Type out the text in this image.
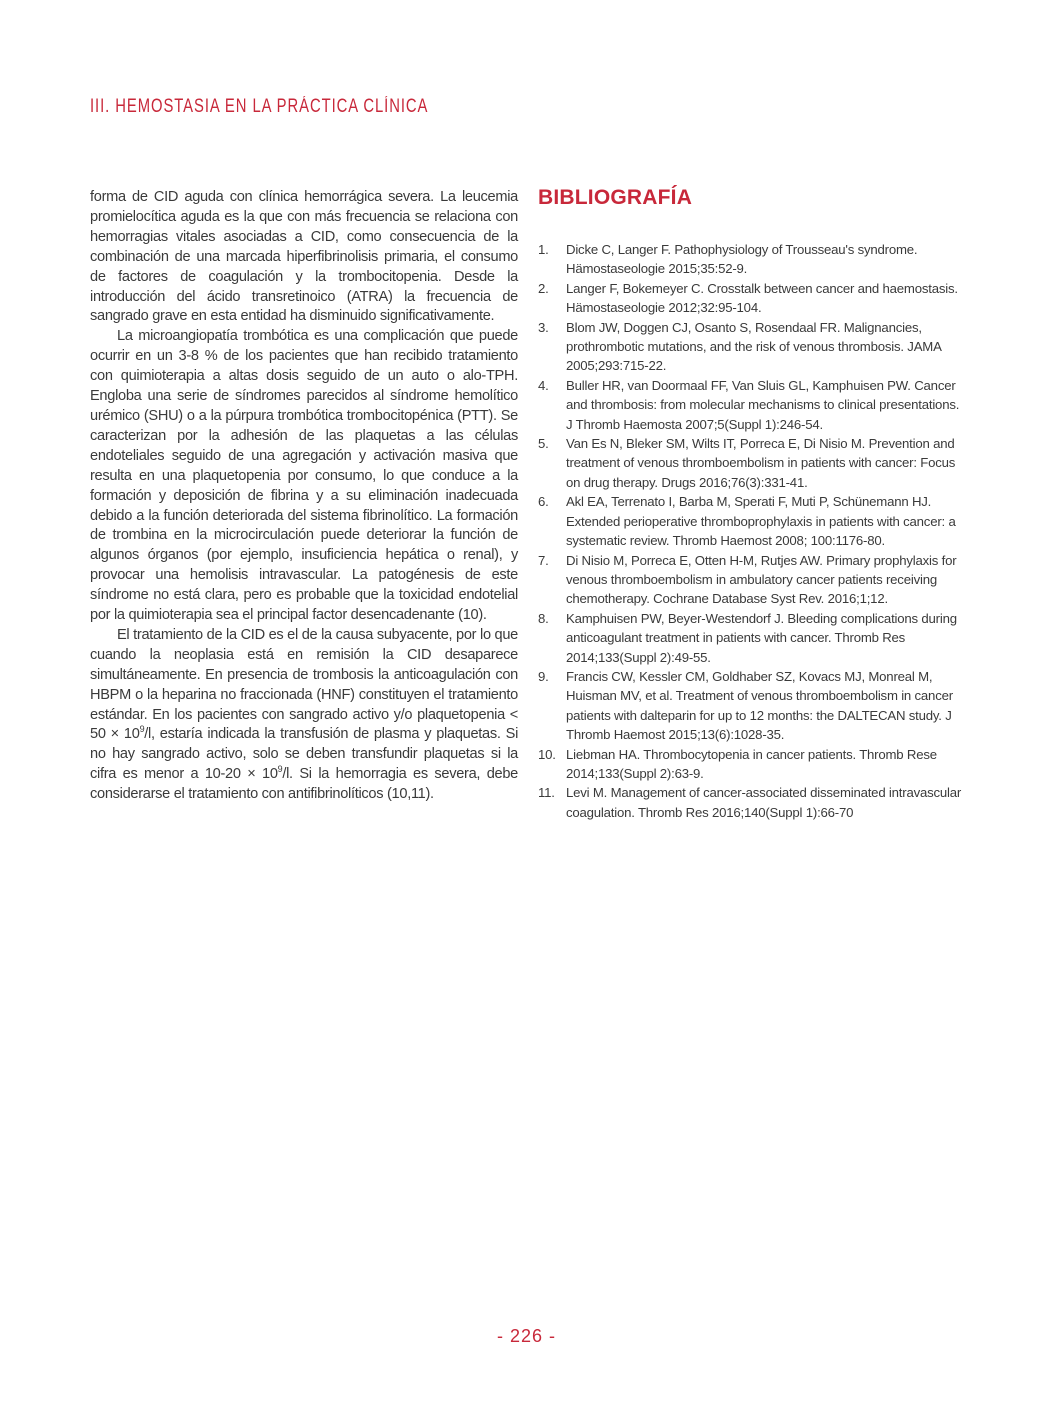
III. HEMOSTASIA EN LA PRÁCTICA CLÍNICA

forma de CID aguda con clínica hemorrágica severa. La leucemia promielocítica aguda es la que con más frecuencia se relaciona con hemorragias vitales asociadas a CID, como consecuencia de la combinación de una marcada hiperfibrinolisis primaria, el consumo de factores de coagulación y la trombocitopenia. Desde la introducción del ácido transretinoico (ATRA) la frecuencia de sangrado grave en esta entidad ha disminuido significativamente.

La microangiopatía trombótica es una complicación que puede ocurrir en un 3-8 % de los pacientes que han recibido tratamiento con quimioterapia a altas dosis seguido de un auto o alo-TPH. Engloba una serie de síndromes parecidos al síndrome hemolítico urémico (SHU) o a la púrpura trombótica trombocitopénica (PTT). Se caracterizan por la adhesión de las plaquetas a las células endoteliales seguido de una agregación y activación masiva que resulta en una plaquetopenia por consumo, lo que conduce a la formación y deposición de fibrina y a su eliminación inadecuada debido a la función deteriorada del sistema fibrinolítico. La formación de trombina en la microcirculación puede deteriorar la función de algunos órganos (por ejemplo, insuficiencia hepática o renal), y provocar una hemolisis intravascular. La patogénesis de este síndrome no está clara, pero es probable que la toxicidad endotelial por la quimioterapia sea el principal factor desencadenante (10).

El tratamiento de la CID es el de la causa subyacente, por lo que cuando la neoplasia está en remisión la CID desaparece simultáneamente. En presencia de trombosis la anticoagulación con HBPM o la heparina no fraccionada (HNF) constituyen el tratamiento estándar. En los pacientes con sangrado activo y/o plaquetopenia < $50 \times 10^9/l$, estaría indicada la transfusión de plasma y plaquetas. Si no hay sangrado activo, solo se deben transfundir plaquetas si la cifra es menor a $10-20 \times 10^9/l$. Si la hemorragia es severa, debe considerarse el tratamiento con antifibrinolíticos (10,11).

BIBLIOGRAFÍA
1.	Dicke C, Langer F. Pathophysiology of Trousseau's syndrome. Hämostaseologie 2015;35:52-9.
2.	Langer F, Bokemeyer C. Crosstalk between cancer and haemostasis. Hämostaseologie 2012;32:95-104.
3.	Blom JW, Doggen CJ, Osanto S, Rosendaal FR. Malignancies, prothrombotic mutations, and the risk of venous thrombosis. JAMA 2005;293:715-22.
4.	Buller HR, van Doormaal FF, Van Sluis GL, Kamphuisen PW. Cancer and thrombosis: from molecular mechanisms to clinical presentations. J Thromb Haemosta 2007;5(Suppl 1):246-54.
5.	Van Es N, Bleker SM, Wilts IT, Porreca E, Di Nisio M. Prevention and treatment of venous thromboembolism in patients with cancer: Focus on drug therapy. Drugs 2016;76(3):331-41.
6.	Akl EA, Terrenato I, Barba M, Sperati F, Muti P, Schünemann HJ. Extended perioperative thromboprophylaxis in patients with cancer: a systematic review. Thromb Haemost 2008; 100:1176-80.
7.	Di Nisio M, Porreca E, Otten H-M, Rutjes AW. Primary prophylaxis for venous thromboembolism in ambulatory cancer patients receiving chemotherapy. Cochrane Database Syst Rev. 2016;1;12.
8.	Kamphuisen PW, Beyer-Westendorf J. Bleeding complications during anticoagulant treatment in patients with cancer. Thromb Res 2014;133(Suppl 2):49-55.
9.	Francis CW, Kessler CM, Goldhaber SZ, Kovacs MJ, Monreal M, Huisman MV, et al. Treatment of venous thromboembolism in cancer patients with dalteparin for up to 12 months: the DALTECAN study. J Thromb Haemost 2015;13(6):1028-35.
10. Liebman HA. Thrombocytopenia in cancer patients. Thromb Rese 2014;133(Suppl 2):63-9.
11. Levi M. Management of cancer-associated disseminated intravascular coagulation. Thromb Res 2016;140(Suppl 1):66-70
- 226 -
